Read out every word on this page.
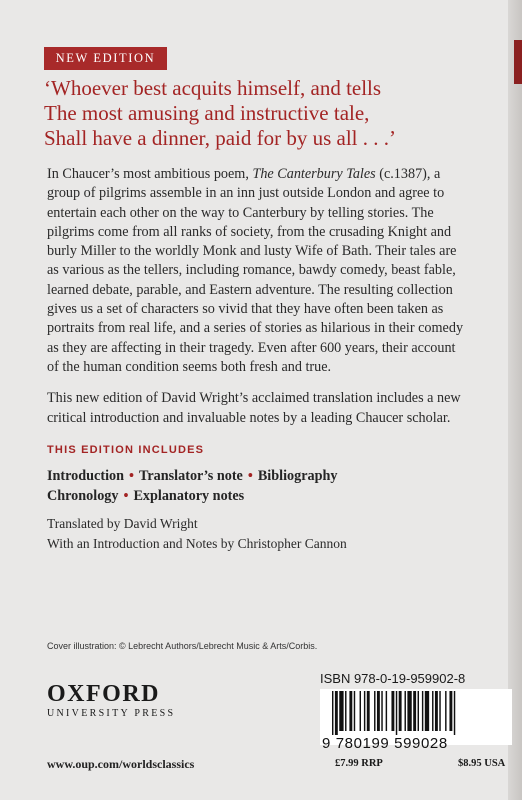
NEW EDITION
‘Whoever best acquits himself, and tells
The most amusing and instructive tale,
Shall have a dinner, paid for by us all . . .’

In Chaucer’s most ambitious poem, The Canterbury Tales (c.1387), a
group of pilgrims assemble in an inn just outside London and agree to
entertain each other on the way to Canterbury by telling stories. The
pilgrims come from all ranks of society, from the crusading Knight and
burly Miller to the worldly Monk and lusty Wife of Bath. Their tales are
as various as the tellers, including romance, bawdy comedy, beast fable,
learned debate, parable, and Eastern adventure. The resulting collection
gives us a set of characters so vivid that they have often been taken as
portraits from real life, and a series of stories as hilarious in their comedy
as they are affecting in their tragedy. Even after 600 years, their account
of the human condition seems both fresh and true.

This new edition of David Wright’s acclaimed translation includes a new
critical introduction and invaluable notes by a leading Chaucer scholar.

THIS EDITION INCLUDES
Introduction • Translator’s note • Bibliography
Chronology • Explanatory notes
Translated by David Wright
With an Introduction and Notes by Christopher Cannon
Cover illustration: © Lebrecht Authors/Lebrecht Music & Arts/Corbis.
OXFORD
UNIVERSITY PRESS
www.oup.com/worldsclassics
ISBN 978-0-19-959902-8
9 780199 599028
£7.99 RRP	$8.95 USA
